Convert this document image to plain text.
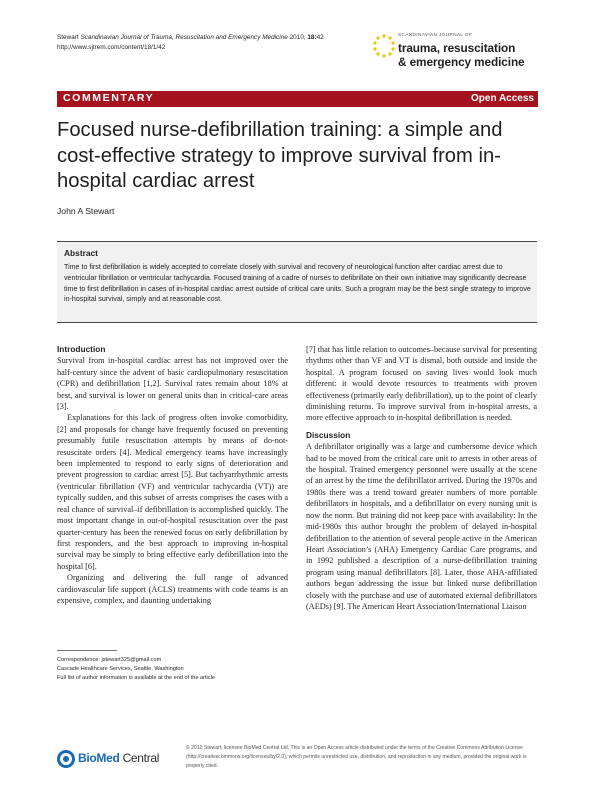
Stewart Scandinavian Journal of Trauma, Resuscitation and Emergency Medicine 2010, 18:42
http://www.sjtrem.com/content/18/1/42
SCANDINAVIAN JOURNAL OF
trauma, resuscitation
& emergency medicine
COMMENTARY	Open Access
Focused nurse-defibrillation training: a simple and cost-effective strategy to improve survival from in-hospital cardiac arrest
John A Stewart
Abstract
Time to first defibrillation is widely accepted to correlate closely with survival and recovery of neurological function after cardiac arrest due to ventricular fibrillation or ventricular tachycardia. Focused training of a cadre of nurses to defibrillate on their own initiative may significantly decrease time to first defibrillation in cases of in-hospital cardiac arrest outside of critical care units. Such a program may be the best single strategy to improve in-hospital survival, simply and at reasonable cost.
Introduction

Survival from in-hospital cardiac arrest has not improved over the half-century since the advent of basic cardiopulmonary resuscitation (CPR) and defibrillation [1,2]. Survival rates remain about 18% at best, and survival is lower on general units than in critical-care areas [3].

Explanations for this lack of progress often invoke comorbidity, [2] and proposals for change have frequently focused on preventing presumably futile resuscitation attempts by means of do-not-resuscitate orders [4]. Medical emergency teams have increasingly been implemented to respond to early signs of deterioration and prevent progression to cardiac arrest [5]. But tachyarrhythmic arrests (ventricular fibrillation (VF) and ventricular tachycardia (VT)) are typically sudden, and this subset of arrests comprises the cases with a real chance of survival–if defibrillation is accomplished quickly. The most important change in out-of-hospital resuscitation over the past quarter-century has been the renewed focus on early defibrillation by first responders, and the best approach to improving in-hospital survival may be simply to bring effective early defibrillation into the hospital [6].

Organizing and delivering the full range of advanced cardiovascular life support (ACLS) treatments with code teams is an expensive, complex, and daunting undertaking

[7] that has little relation to outcomes–because survival for presenting rhythms other than VF and VT is dismal, both outside and inside the hospital. A program focused on saving lives would look much different: it would devote resources to treatments with proven effectiveness (primarily early defibrillation), up to the point of clearly diminishing returns. To improve survival from in-hospital arrests, a more effective approach to in-hospital defibrillation is needed.

Discussion

A defibrillator originally was a large and cumbersome device which had to be moved from the critical care unit to arrests in other areas of the hospital. Trained emergency personnel were usually at the scene of an arrest by the time the defibrillator arrived. During the 1970s and 1980s there was a trend toward greater numbers of more portable defibrillators in hospitals, and a defibrillator on every nursing unit is now the norm. But training did not keep pace with availability: In the mid-1980s this author brought the problem of delayed in-hospital defibrillation to the attention of several people active in the American Heart Association’s (AHA) Emergency Cardiac Care programs, and in 1992 published a description of a nurse-defibrillation training program using manual defibrillators [8]. Later, those AHA-affiliated authors began addressing the issue but linked nurse defibrillation closely with the purchase and use of automated external defibrillators (AEDs) [9]. The American Heart Association/International Liaison

Correspondence: jstewart325@gmail.com
Cascade Healthcare Services, Seattle, Washington
Full list of author information is available at the end of the article
BioMed Central
© 2010 Stewart; licensee BioMed Central Ltd. This is an Open Access article distributed under the terms of the Creative Commons Attribution License (http://creativecommons.org/licenses/by/2.0), which permits unrestricted use, distribution, and reproduction in any medium, provided the original work is properly cited.
